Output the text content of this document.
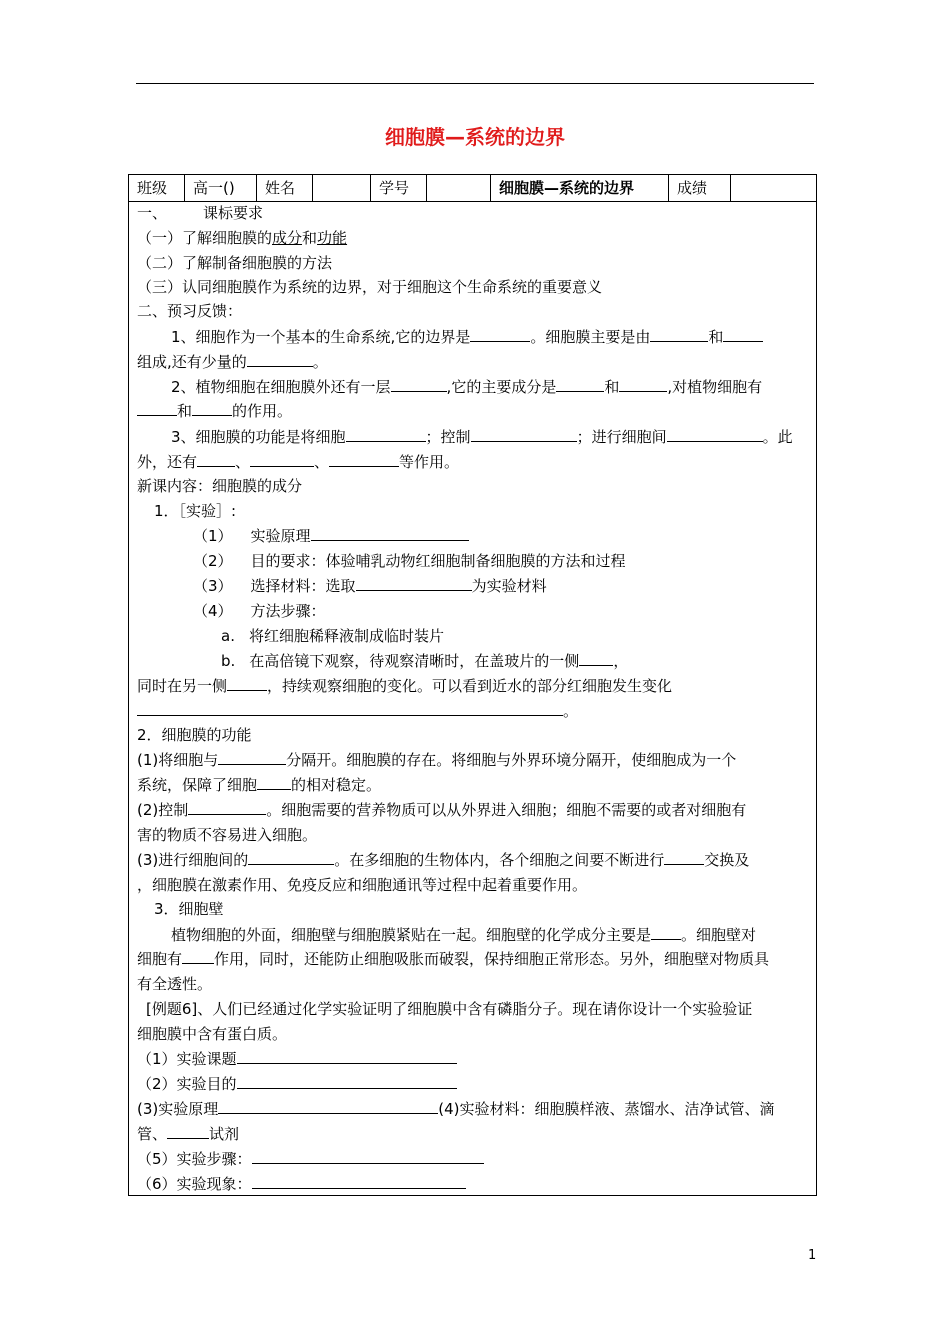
细胞膜—系统的边界
班级	高一()	姓名	学号	细胞膜—系统的边界	成绩
一、 课标要求
（一）了解细胞膜的成分和功能
（二）了解制备细胞膜的方法
（三）认同细胞膜作为系统的边界，对于细胞这个生命系统的重要意义
二、预习反馈：
1、细胞作为一个基本的生命系统,它的边界是	。细胞膜主要是由	和
组成,还有少量的	。
2、植物细胞在细胞膜外还有一层	,它的主要成分是	和	,对植物细胞有
和	的作用。
3、细胞膜的功能是将细胞	；控制	；进行细胞间	。此
外，还有	、	、	等作用。
新课内容：细胞膜的成分
1．［实验］:
（1） 实验原理
（2） 目的要求：体验哺乳动物红细胞制备细胞膜的方法和过程
（3） 选择材料：选取	为实验材料
（4） 方法步骤：
a. 将红细胞稀释液制成临时装片
b. 在高倍镜下观察，待观察清晰时，在盖玻片的一侧 ，
同时在另一侧	，持续观察细胞的变化。可以看到近水的部分红细胞发生变化
。
2．细胞膜的功能
(1)将细胞与	分隔开。细胞膜的存在。将细胞与外界环境分隔开，使细胞成为一个
系统，保障了细胞 的相对稳定。
(2)控制	。细胞需要的营养物质可以从外界进入细胞；细胞不需要的或者对细胞有
害的物质不容易进入细胞。
(3)进行细胞间的	。在多细胞的生物体内，各个细胞之间要不断进行	交换及
，细胞膜在激素作用、免疫反应和细胞通讯等过程中起着重要作用。
3．细胞壁
植物细胞的外面，细胞壁与细胞膜紧贴在一起。细胞壁的化学成分主要是 。细胞壁对
细胞有 作用，同时，还能防止细胞吸胀而破裂，保持细胞正常形态。另外，细胞壁对物质具
有全透性。
[例题6]、人们已经通过化学实验证明了细胞膜中含有磷脂分子。现在请你设计一个实验验证
细胞膜中含有蛋白质。
（1）实验课题
（2）实验目的
(3)实验原理	(4)实验材料：细胞膜样液、蒸馏水、洁净试管、滴
管、	试剂
（5）实验步骤：
（6）实验现象：
1
